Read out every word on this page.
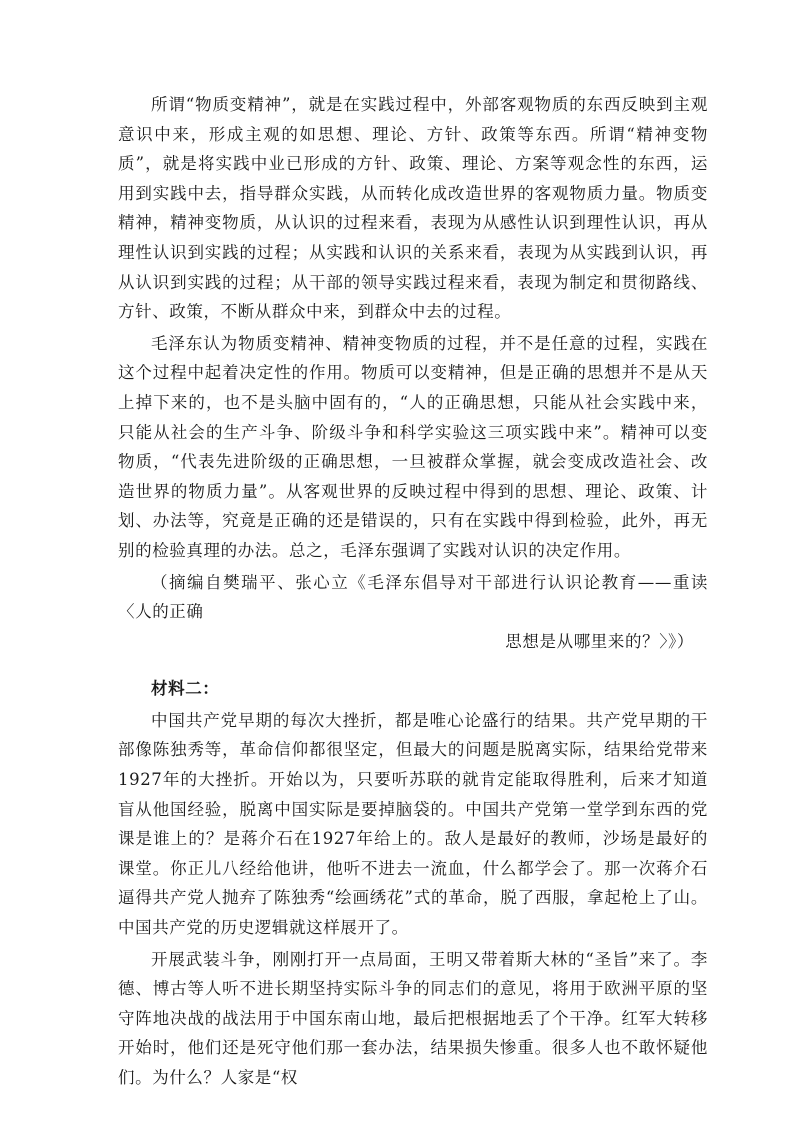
所谓“物质变精神”，就是在实践过程中，外部客观物质的东西反映到主观意识中来，形成主观的如思想、理论、方针、政策等东西。所谓“精神变物质”，就是将实践中业已形成的方针、政策、理论、方案等观念性的东西，运用到实践中去，指导群众实践，从而转化成改造世界的客观物质力量。物质变精神，精神变物质，从认识的过程来看，表现为从感性认识到理性认识，再从理性认识到实践的过程；从实践和认识的关系来看，表现为从实践到认识，再从认识到实践的过程；从干部的领导实践过程来看，表现为制定和贯彻路线、方针、政策，不断从群众中来，到群众中去的过程。

毛泽东认为物质变精神、精神变物质的过程，并不是任意的过程，实践在这个过程中起着决定性的作用。物质可以变精神，但是正确的思想并不是从天上掉下来的，也不是头脑中固有的，“人的正确思想，只能从社会实践中来，只能从社会的生产斗争、阶级斗争和科学实验这三项实践中来”。精神可以变物质，“代表先进阶级的正确思想，一旦被群众掌握，就会变成改造社会、改造世界的物质力量”。从客观世界的反映过程中得到的思想、理论、政策、计划、办法等，究竟是正确的还是错误的，只有在实践中得到检验，此外，再无别的检验真理的办法。总之，毛泽东强调了实践对认识的决定作用。

（摘编自樊瑞平、张心立《毛泽东倡导对干部进行认识论教育——重读〈人的正确
思想是从哪里来的？〉》）

材料二：

中国共产党早期的每次大挫折，都是唯心论盛行的结果。共产党早期的干部像陈独秀等，革命信仰都很坚定，但最大的问题是脱离实际，结果给党带来1927年的大挫折。开始以为，只要听苏联的就肯定能取得胜利，后来才知道盲从他国经验，脱离中国实际是要掉脑袋的。中国共产党第一堂学到东西的党课是谁上的？是蒋介石在1927年给上的。敌人是最好的教师，沙场是最好的课堂。你正儿八经给他讲，他听不进去一流血，什么都学会了。那一次蒋介石逼得共产党人抛弃了陈独秀“绘画绣花”式的革命，脱了西服，拿起枪上了山。中国共产党的历史逻辑就这样展开了。

开展武装斗争，刚刚打开一点局面，王明又带着斯大林的“圣旨”来了。李德、博古等人听不进长期坚持实际斗争的同志们的意见，将用于欧洲平原的坚守阵地决战的战法用于中国东南山地，最后把根据地丢了个干净。红军大转移开始时，他们还是死守他们那一套办法，结果损失惨重。很多人也不敢怀疑他们。为什么？人家是“权
